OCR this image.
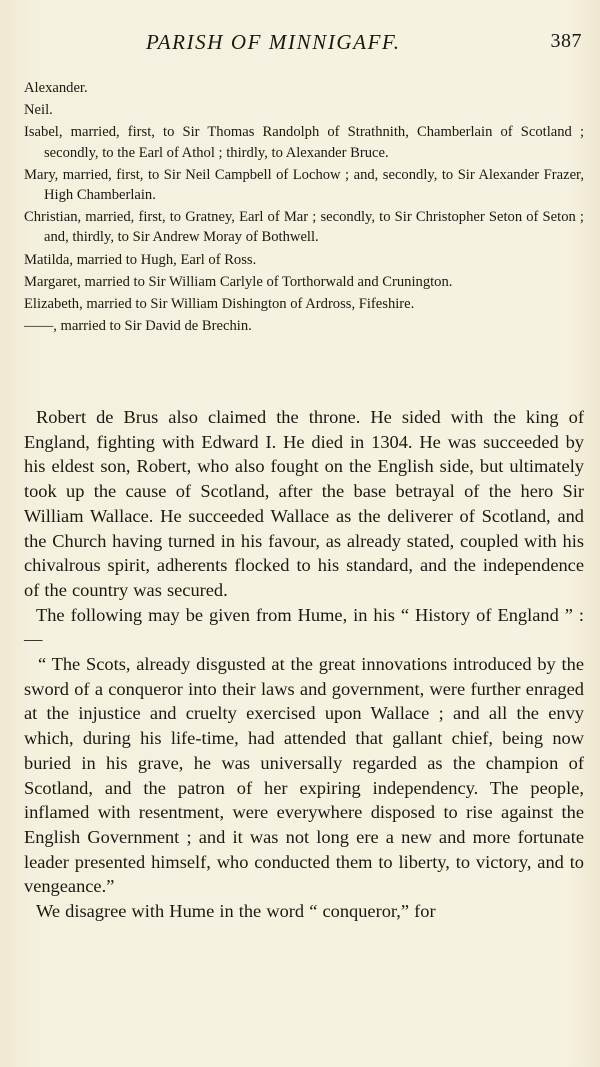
PARISH OF MINNIGAFF.	387
Alexander.
Neil.
Isabel, married, first, to Sir Thomas Randolph of Strathnith, Chamberlain of Scotland ; secondly, to the Earl of Athol ; thirdly, to Alexander Bruce.
Mary, married, first, to Sir Neil Campbell of Lochow ; and, secondly, to Sir Alexander Frazer, High Chamberlain.
Christian, married, first, to Gratney, Earl of Mar ; secondly, to Sir Christopher Seton of Seton ; and, thirdly, to Sir Andrew Moray of Bothwell.
Matilda, married to Hugh, Earl of Ross.
Margaret, married to Sir William Carlyle of Torthorwald and Crunington.
Elizabeth, married to Sir William Dishington of Ardross, Fifeshire.
——, married to Sir David de Brechin.

Robert de Brus also claimed the throne. He sided with the king of England, fighting with Edward I. He died in 1304. He was succeeded by his eldest son, Robert, who also fought on the English side, but ultimately took up the cause of Scotland, after the base betrayal of the hero Sir William Wallace. He succeeded Wallace as the deliverer of Scotland, and the Church having turned in his favour, as already stated, coupled with his chivalrous spirit, adherents flocked to his standard, and the independence of the country was secured.

The following may be given from Hume, in his “ History of England ” :—

“ The Scots, already disgusted at the great innovations introduced by the sword of a conqueror into their laws and government, were further enraged at the injustice and cruelty exercised upon Wallace ; and all the envy which, during his life-time, had attended that gallant chief, being now buried in his grave, he was universally regarded as the champion of Scotland, and the patron of her expiring independency. The people, inflamed with resentment, were everywhere disposed to rise against the English Government ; and it was not long ere a new and more fortunate leader presented himself, who conducted them to liberty, to victory, and to vengeance.”

We disagree with Hume in the word “ conqueror,” for
